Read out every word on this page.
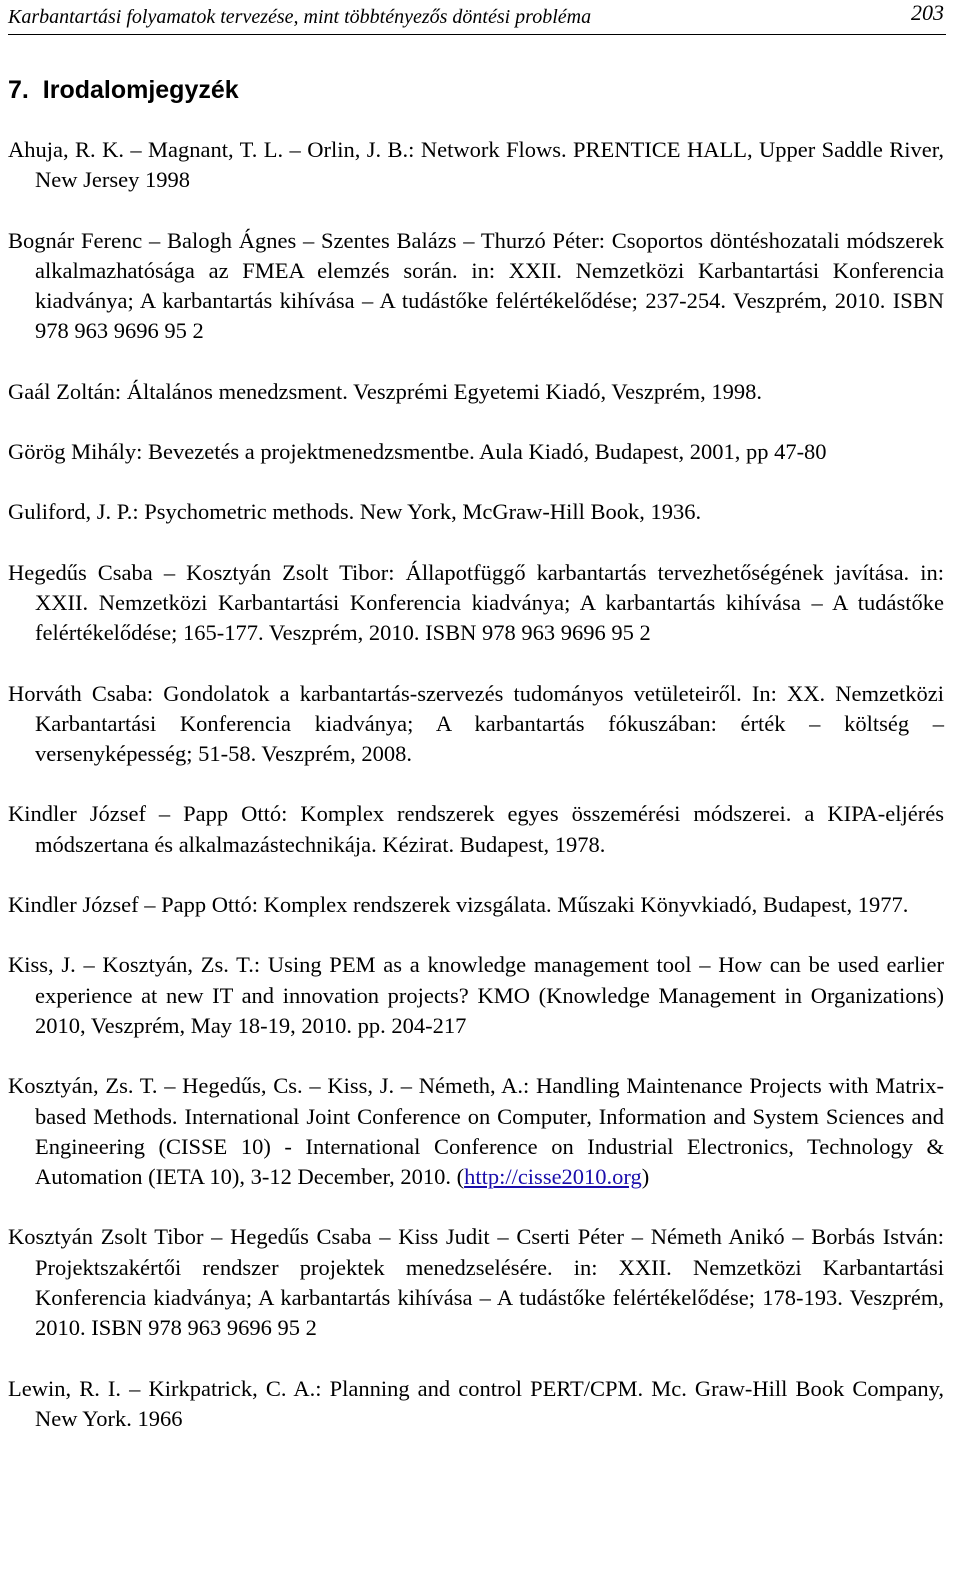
Karbantartási folyamatok tervezése, mint többtényezős döntési probléma	203
7. Irodalomjegyzék

Ahuja, R. K. – Magnant, T. L. – Orlin, J. B.: Network Flows. PRENTICE HALL, Upper Saddle River, New Jersey 1998

Bognár Ferenc – Balogh Ágnes – Szentes Balázs – Thurzó Péter: Csoportos döntéshozatali módszerek alkalmazhatósága az FMEA elemzés során. in: XXII. Nemzetközi Karbantartási Konferencia kiadványa; A karbantartás kihívása – A tudástőke felértékelődése; 237-254. Veszprém, 2010. ISBN 978 963 9696 95 2

Gaál Zoltán: Általános menedzsment. Veszprémi Egyetemi Kiadó, Veszprém, 1998.

Görög Mihály: Bevezetés a projektmenedzsmentbe. Aula Kiadó, Budapest, 2001, pp 47-80

Guliford, J. P.: Psychometric methods. New York, McGraw-Hill Book, 1936.

Hegedűs Csaba – Kosztyán Zsolt Tibor: Állapotfüggő karbantartás tervezhetőségének javítása. in: XXII. Nemzetközi Karbantartási Konferencia kiadványa; A karbantartás kihívása – A tudástőke felértékelődése; 165-177. Veszprém, 2010. ISBN 978 963 9696 95 2

Horváth Csaba: Gondolatok a karbantartás-szervezés tudományos vetületeiről. In: XX. Nemzetközi Karbantartási Konferencia kiadványa; A karbantartás fókuszában: érték – költség – versenyképesség; 51-58. Veszprém, 2008.

Kindler József – Papp Ottó: Komplex rendszerek egyes összemérési módszerei. a KIPA-eljérés módszertana és alkalmazástechnikája. Kézirat. Budapest, 1978.

Kindler József – Papp Ottó: Komplex rendszerek vizsgálata. Műszaki Könyvkiadó, Budapest, 1977.

Kiss, J. – Kosztyán, Zs. T.: Using PEM as a knowledge management tool – How can be used earlier experience at new IT and innovation projects? KMO (Knowledge Management in Organizations) 2010, Veszprém, May 18-19, 2010. pp. 204-217

Kosztyán, Zs. T. – Hegedűs, Cs. – Kiss, J. – Németh, A.: Handling Maintenance Projects with Matrix-based Methods. International Joint Conference on Computer, Information and System Sciences and Engineering (CISSE 10) - International Conference on Industrial Electronics, Technology & Automation (IETA 10), 3-12 December, 2010. (http://cisse2010.org)

Kosztyán Zsolt Tibor – Hegedűs Csaba – Kiss Judit – Cserti Péter – Németh Anikó – Borbás István: Projektszakértői rendszer projektek menedzselésére. in: XXII. Nemzetközi Karbantartási Konferencia kiadványa; A karbantartás kihívása – A tudástőke felértékelődése; 178-193. Veszprém, 2010. ISBN 978 963 9696 95 2

Lewin, R. I. – Kirkpatrick, C. A.: Planning and control PERT/CPM. Mc. Graw-Hill Book Company, New York. 1966
